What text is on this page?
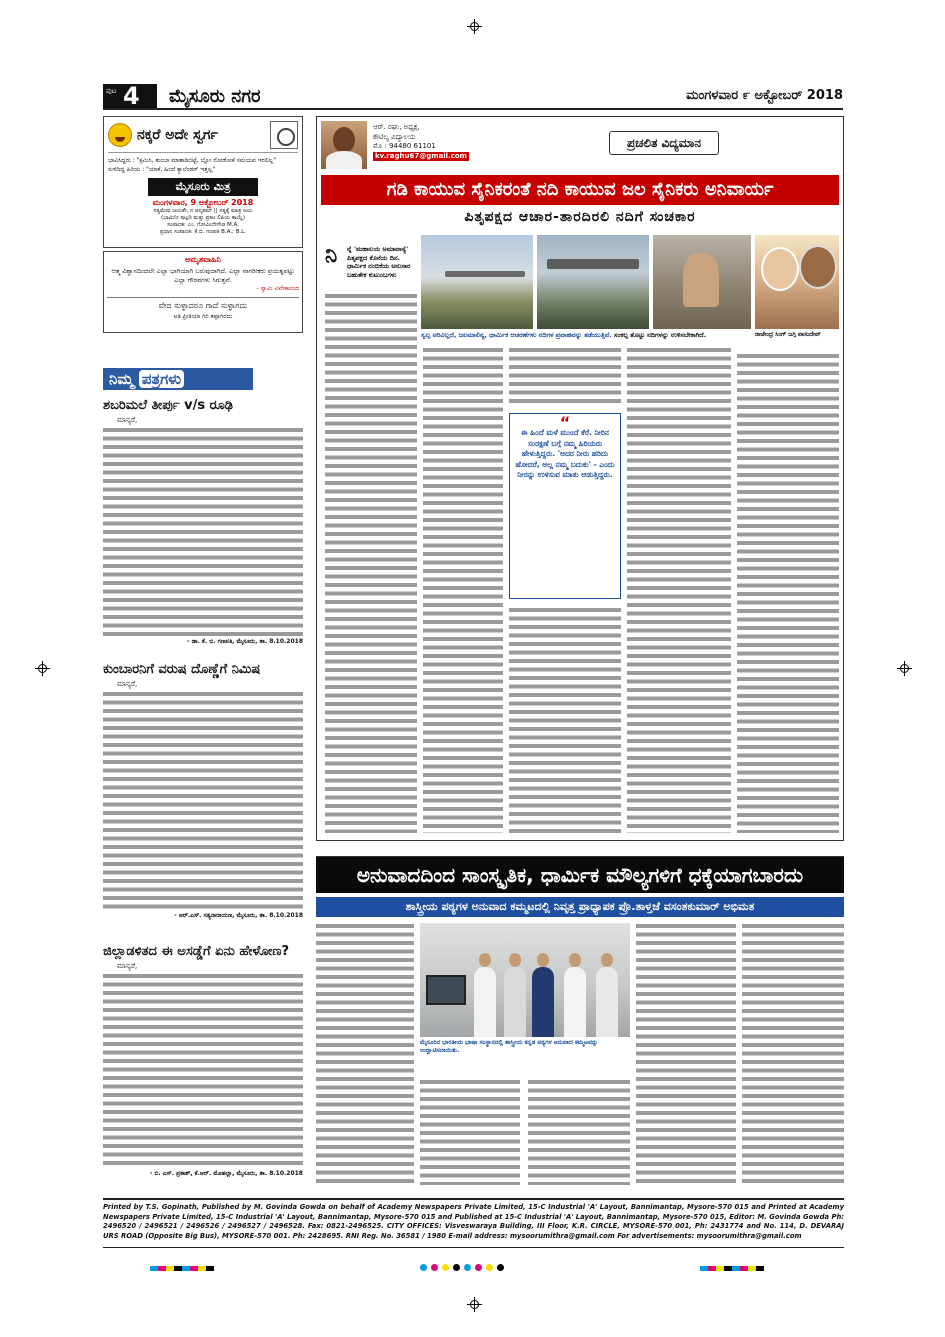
ಪುಟ 4 ಮೈಸೂರು ನಗರ	ಮಂಗಳವಾರ ೯ ಅಕ್ಟೋಬರ್ 2018
ನಕ್ಕರೆ ಅದೇ ಸ್ವರ್ಗ
ಭಾವಿಸಿದ್ದರು : "ಕ್ಷಮಿಸಿ, ತುಂಬಾ ಮಾತಾಡಿಬಿಟ್ಟೆ, ಬ್ಲೋ ನೋಡೋಕೆ ಸಮಯವ ಇರಲಿಲ್ಲ"
ಸುಳಿದಿದ್ದ ಹಿರಿಯ : "ಯಾಕೆ, ಹಿಂದೆ ಕ್ಯಾಲೆಂಡರ್ ಇತ್ತಲ್ಲ"
ಮೈಸೂರು ಮಿತ್ರ
ಮಂಗಳವಾರ, 9 ಅಕ್ಟೋಬರ್ 2018
ಸತ್ಯಮೇವ ಜಯತೇ, ನ ಅನೃತಮ್ || ಸತ್ಯಕ್ಕೆ ಮಾತ್ರ ಜಯ
(ಭಾಮಿನೀ ಷಟ್ಪದಿ ಮತ್ತು ಪ್ರಕಟ ಲಿಪಿಯ ಕಾಯ್ದೆ)
ಸಂಪಾದಕ: ಎಂ. ಗೋವಿಂದೇಗೌಡ M.A.
ಪ್ರಧಾನ ಸಂಪಾದಕ: ಕೆ.ಬಿ. ಗಣಪತಿ B.A.; B.L.
ಅಮೃತವಾಹಿನಿ
ಆತ್ಮ ವಿಶ್ವಾಸದಿಂದಲೇ ಎಲ್ಲಾ ಭಾಗಿಯಾಗಿ ಬರುವುದಾಗಿದೆ. ಎಲ್ಲಾ ನಾಗರೀಕರು ಪ್ರಯತ್ನಪಟ್ಟು ಎಲ್ಲಾ ಗೌರವಗಳು ಸಿಗುತ್ತವೆ.
- ಸ್ವಾಮಿ ವಿವೇಕಾನಂದ
ವೇದ ಸುಳ್ಳಾದರೂ ಗಾದೆ ಸುಳ್ಳಾಗದು
ಅತಿ ಪ್ರೀತಿಯಾ ಗಿರಿ ತಪ್ಪಾಗಿರದು
ನಿಮ್ಮ ಪತ್ರಗಳು
ಶಬರಿಮಲೆ ತೀರ್ಪು v/s ರೂಢಿ
ಮಾನ್ಯರೆ,
- ಡಾ. ಕೆ. ಬಿ. ಗಣಪತಿ, ಮೈಸೂರು, ತಾ. 8.10.2018
ಕುಂಬಾರನಿಗೆ ವರುಷ ದೊಣ್ಣೆಗೆ ನಿಮಿಷ
ಮಾನ್ಯರೆ,
- ಆರ್.ಎಸ್. ಸತ್ಯನಾರಾಯಣ, ಮೈಸೂರು, ತಾ. 8.10.2018
ಜಿಲ್ಲಾಡಳಿತದ ಈ ಅಸಡ್ಡೆಗೆ ಏನು ಹೇಳೋಣ?
ಮಾನ್ಯರೆ,
- ಬಿ. ಎಸ್. ಪ್ರಕಾಶ್, ಕೆ.ಆರ್. ಮೊಹಲ್ಲಾ, ಮೈಸೂರು, ತಾ. 8.10.2018
ಆರ್. ರಘು, ಅಧ್ಯಕ್ಷ,
ಕೌಟಿಲ್ಯ ವಿದ್ಯಾಲಯ
ಮೊ : 94480 61101
kv.raghu67@gmail.com
ಪ್ರಚಲಿತ ವಿದ್ಯಮಾನ
ಗಡಿ ಕಾಯುವ ಸೈನಿಕರಂತೆ ನದಿ ಕಾಯುವ ಜಲ ಸೈನಿಕರು ಅನಿವಾರ್ಯ
ಪಿತೃಪಕ್ಷದ ಆಚಾರ-ತಾರದಿರಲಿ ನದಿಗೆ ಸಂಚಕಾರ
ರಾಜೇಂದ್ರ ಸಿಂಗ್ ಜಗ್ಗಿ ವಾಸುದೇವ್
ಸ್ವಲ್ಪ ಅರಿವಿಲ್ಲದೆ, ಜಲಮಾಲಿನ್ಯ, ಧಾರ್ಮಿಕ ಆಚರಣೆಗಳು ನದಿಗಳ ಪ್ರವಾಹವನ್ನು ತಡೆಯುತ್ತಿವೆ. ಸಂಕಲ್ಪ ತೊಟ್ಟು ನದಿಗಳನ್ನು ಉಳಿಸಬೇಕಾಗಿದೆ.
ನಿ ನ್ನೆ 'ಮಹಾಲಯ ಅಮಾವಾಸ್ಯೆ' ಪಿತೃಪಕ್ಷದ ಕೊನೆಯ ದಿನ. ಧಾರ್ಮಿಕ ನಂಬಿಕೆಯ ಅನುಸಾರ ಬಹುತೇಕ ಕುಟುಂಬಗಳು
“
ಈ ಹಿಂದೆ ಮಳೆ ಮುಂದೆ ಕೆರೆ. ನೀರಿನ ಸಂರಕ್ಷಣೆ ಬಗ್ಗೆ ನಮ್ಮ ಹಿರಿಯರು ಹೇಳುತ್ತಿದ್ದರು. 'ಅದರ ನೀರು ಹರಿದು ಹೋದರೆ, ಅಲ್ಲ ನಮ್ಮ ಬದುಕು' - ಎಂದು ನೀರನ್ನು ಉಳಿಸುವ ಮಾತು ಆಡುತ್ತಿದ್ದರು.
ಅನುವಾದದಿಂದ ಸಾಂಸ್ಕೃತಿಕ, ಧಾರ್ಮಿಕ ಮೌಲ್ಯಗಳಿಗೆ ಧಕ್ಕೆಯಾಗಬಾರದು
ಶಾಸ್ತ್ರೀಯ ಪಠ್ಯಗಳ ಅನುವಾದ ಕಮ್ಮಟದಲ್ಲಿ ನಿವೃತ್ತ ಪ್ರಾಧ್ಯಾಪಕ ಪ್ರೊ.ತಾಳ್ತಜೆ ವಸಂತಕುಮಾರ್ ಅಭಿಮತ
ಮೈಸೂರಿನ ಭಾರತೀಯ ಭಾಷಾ ಸಂಸ್ಥಾನದಲ್ಲಿ ಶಾಸ್ತ್ರೀಯ ಕನ್ನಡ ಪಠ್ಯಗಳ ಅನುವಾದ ಕಮ್ಮಟವನ್ನು ಉದ್ಘಾಟಿಸಲಾಯಿತು.
Printed by T.S. Gopinath, Published by M. Govinda Gowda on behalf of Academy Newspapers Private Limited, 15-C Industrial 'A' Layout, Bannimantap, Mysore-570 015 and Printed at Academy Newspapers Private Limited, 15-C Industrial 'A' Layout, Bannimantap, Mysore-570 015 and Published at 15-C Industrial 'A' Layout, Bannimantap, Mysore-570 015, Editor: M. Govinda Gowda Ph: 2496520 / 2496521 / 2496526 / 2496527 / 2496528. Fax: 0821-2496525. CITY OFFICES: Visveswaraya Building, III Floor, K.R. CIRCLE, MYSORE-570 001, Ph: 2431774 and No. 114, D. DEVARAJ URS ROAD (Opposite Big Bus), MYSORE-570 001. Ph: 2428695. RNI Reg. No. 36581 / 1980 E-mail address: mysoorumithra@gmail.com For advertisements: mysoorumithra@gmail.com
